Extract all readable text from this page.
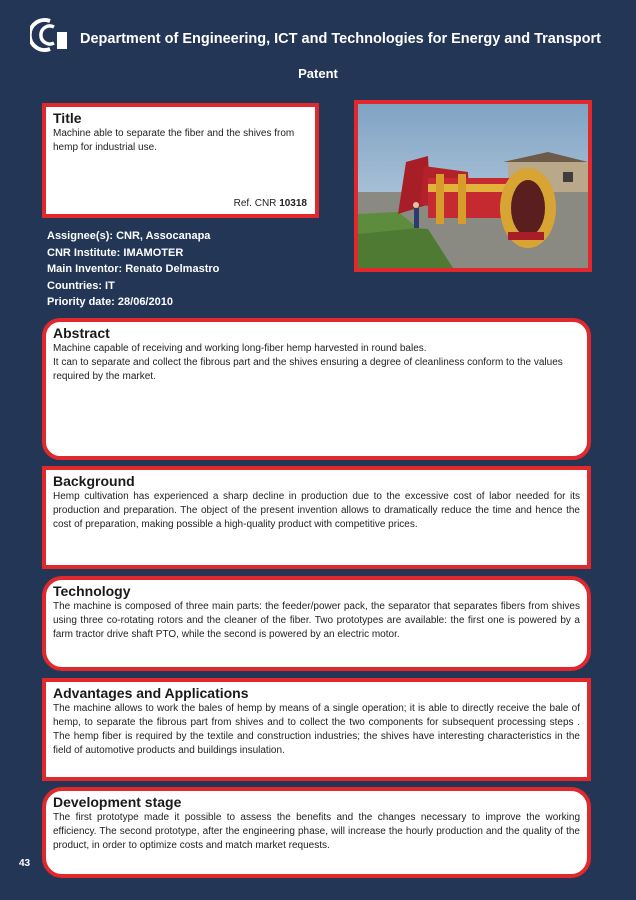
Department of Engineering, ICT and Technologies for Energy and Transport
Patent
Title

Machine able to separate the fiber and the shives from hemp for industrial use.

Ref. CNR 10318
Assignee(s): CNR, Assocanapa
CNR Institute: IMAMOTER
Main Inventor: Renato Delmastro
Countries: IT
Priority date: 28/06/2010
Abstract

Machine capable of receiving and working long-fiber hemp harvested in round bales.

It can to separate and collect the fibrous part and the shives ensuring a degree of cleanliness conform to the values required by the market.

Background

Hemp cultivation has experienced a sharp decline in production due to the excessive cost of labor needed for its production and preparation. The object of the present invention allows to dramatically reduce the time and hence the cost of preparation, making possible a high-quality product with competitive prices.

Technology

The machine is composed of three main parts: the feeder/power pack, the separator that separates fibers from shives using three co-rotating rotors and the cleaner of the fiber. Two prototypes are available: the first one is powered by a farm tractor drive shaft PTO, while the second is powered by an electric motor.

Advantages and Applications

The machine allows to work the bales of hemp by means of a single operation; it is able to directly receive the bale of hemp, to separate the fibrous part from shives and to collect the two components for subsequent processing steps . The hemp fiber is required by the textile and construction industries; the shives have interesting characteristics in the field of automotive products and buildings insulation.

Development stage

The first prototype made it possible to assess the benefits and the changes necessary to improve the working efficiency. The second prototype, after the engineering phase, will increase the hourly production and the quality of the product, in order to optimize costs and match market requests.

43
